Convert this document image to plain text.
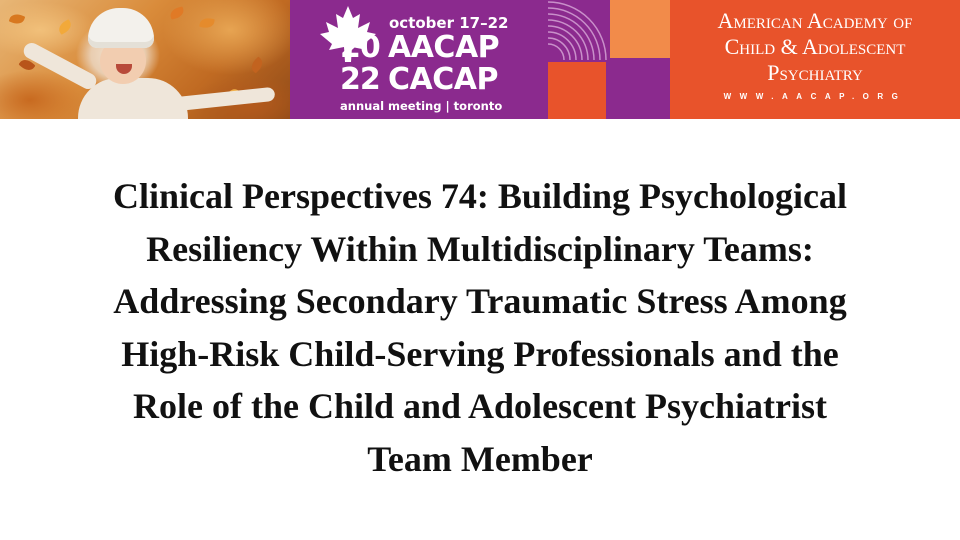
october 17–22
20
22
AACAP
CACAP
annual meeting | toronto
American Academy of
Child & Adolescent
Psychiatry
WWW.AACAP.ORG
Clinical Perspectives 74: Building Psychological
Resiliency Within Multidisciplinary Teams:
Addressing Secondary Traumatic Stress Among
High-Risk Child-Serving Professionals and the
Role of the Child and Adolescent Psychiatrist
Team Member
